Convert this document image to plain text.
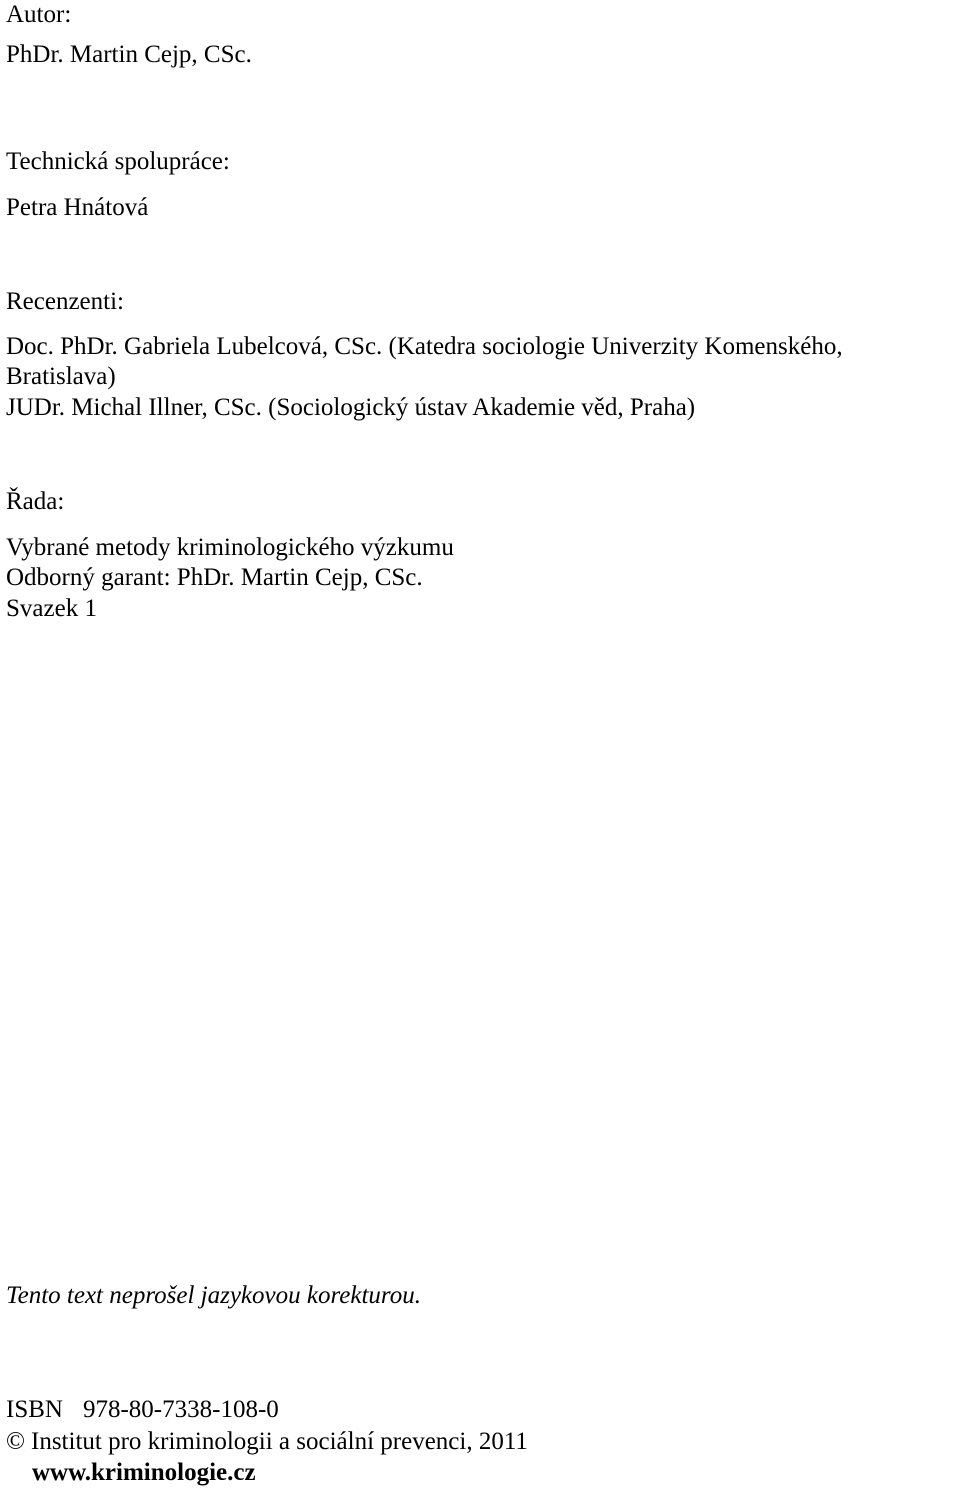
Autor:
PhDr. Martin Cejp, CSc.
Technická spolupráce:
Petra Hnátová
Recenzenti:
Doc. PhDr. Gabriela Lubelcová, CSc. (Katedra sociologie Univerzity Komenského,
Bratislava)
JUDr. Michal Illner, CSc. (Sociologický ústav Akademie věd, Praha)
Řada:
Vybrané metody kriminologického výzkumu
Odborný garant: PhDr. Martin Cejp, CSc.
Svazek 1
Tento text neprošel jazykovou korekturou.
ISBN 978-80-7338-108-0
© Institut pro kriminologii a sociální prevenci, 2011
www.kriminologie.cz
